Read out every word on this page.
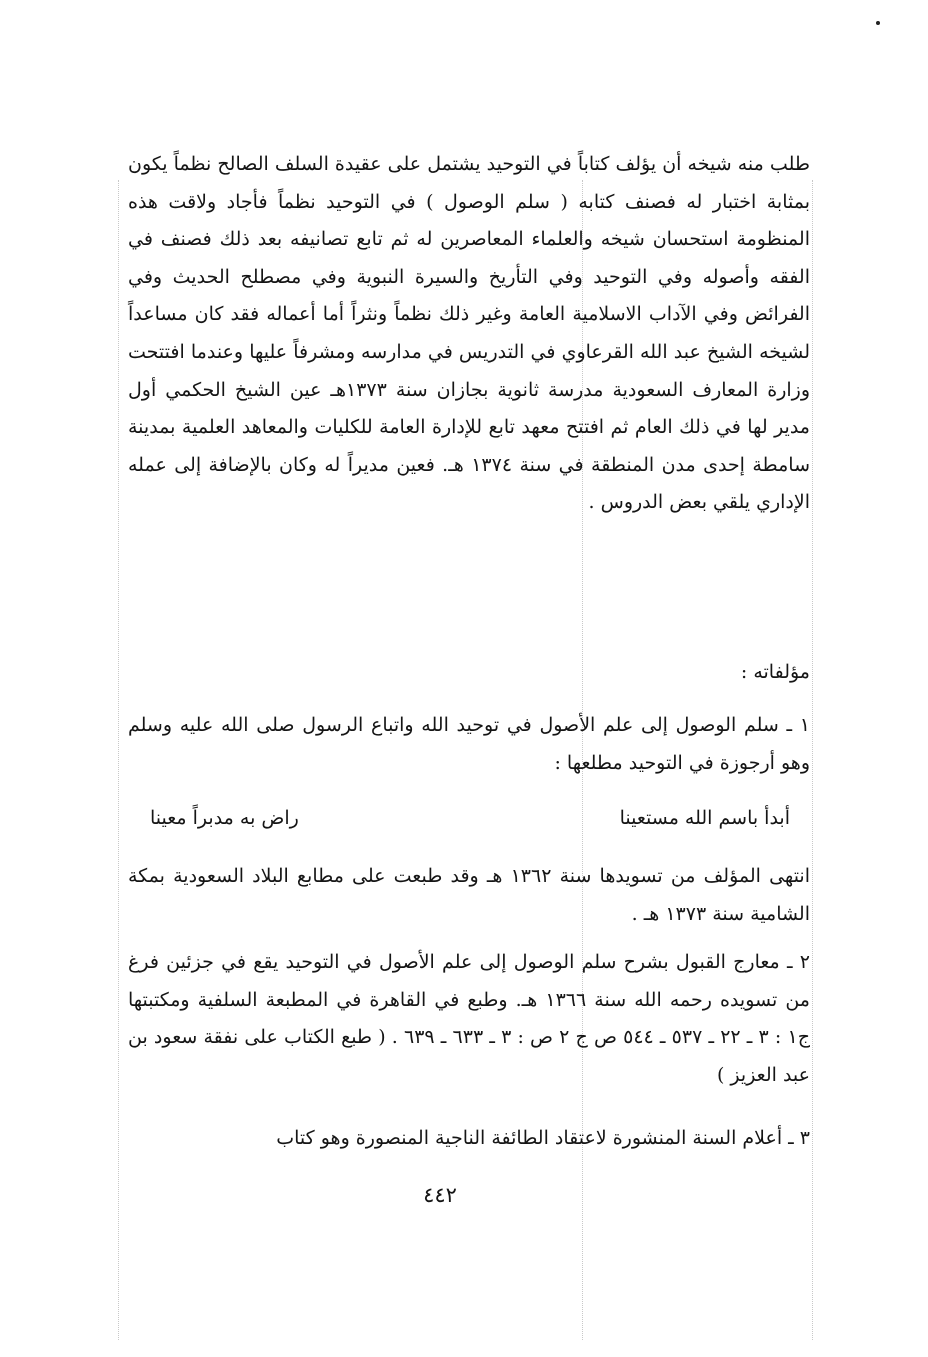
طلب منه شيخه أن يؤلف كتاباً في التوحيد يشتمل على عقيدة السلف الصالح نظماً يكون بمثابة اختبار له فصنف كتابه ( سلم الوصول ) في التوحيد نظماً فأجاد ولاقت هذه المنظومة استحسان شيخه والعلماء المعاصرين له ثم تابع تصانيفه بعد ذلك فصنف في الفقه وأصوله وفي التوحيد وفي التأريخ والسيرة النبوية وفي مصطلح الحديث وفي الفرائض وفي الآداب الاسلامية العامة وغير ذلك نظماً ونثراً أما أعماله فقد كان مساعداً لشيخه الشيخ عبد الله القرعاوي في التدريس في مدارسه ومشرفاً عليها وعندما افتتحت وزارة المعارف السعودية مدرسة ثانوية بجازان سنة ١٣٧٣هـ عين الشيخ الحكمي أول مدير لها في ذلك العام ثم افتتح معهد تابع للإدارة العامة للكليات والمعاهد العلمية بمدينة سامطة إحدى مدن المنطقة في سنة ١٣٧٤ هـ. فعين مديراً له وكان بالإضافة إلى عمله الإداري يلقي بعض الدروس .

مؤلفاته :

١ ـ سلم الوصول إلى علم الأصول في توحيد الله واتباع الرسول صلى الله عليه وسلم وهو أرجوزة في التوحيد مطلعها :

أبدأ باسم الله مستعينا
راض به مدبراً معينا

انتهى المؤلف من تسويدها سنة ١٣٦٢ هـ وقد طبعت على مطابع البلاد السعودية بمكة الشامية سنة ١٣٧٣ هـ .

٢ ـ معارج القبول بشرح سلم الوصول إلى علم الأصول في التوحيد يقع في جزئين فرغ من تسويده رحمه الله سنة ١٣٦٦ هـ. وطبع في القاهرة في المطبعة السلفية ومكتبتها ج١ : ٣ ـ ٢٢ ـ ٥٣٧ ـ ٥٤٤ ص ج ٢ ص : ٣ ـ ٦٣٣ ـ ٦٣٩ . ( طبع الكتاب على نفقة سعود بن عبد العزيز )

٣ ـ أعلام السنة المنشورة لاعتقاد الطائفة الناجية المنصورة وهو كتاب

٤٤٢
